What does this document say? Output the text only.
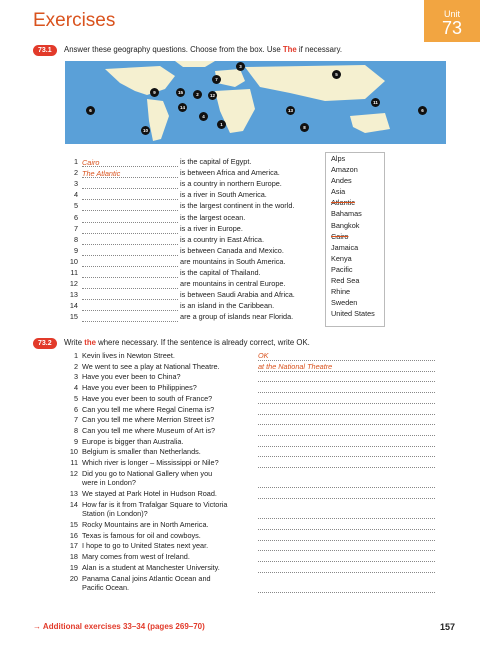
Exercises	Unit
73
73.1	Answer these geography questions. Choose from the box. Use The if necessary.
1
2
3
4
5
6	6
7
8
9
10
11
12
13
14
15
1 Cairo	is the capital of Egypt.
2 The Atlantic	is between Africa and America.
3	is a country in northern Europe.
4	is a river in South America.
5	is the largest continent in the world.
6	is the largest ocean.
7	is a river in Europe.
8	is a country in East Africa.
9	is between Canada and Mexico.
10	are mountains in South America.
11	is the capital of Thailand.
12	are mountains in central Europe.
13	is between Saudi Arabia and Africa.
14	is an island in the Caribbean.
15	are a group of islands near Florida.
Alps
Amazon
Andes
Asia
Atlantic
Bahamas
Bangkok
Cairo
Jamaica
Kenya
Pacific
Red Sea
Rhine
Sweden
United States
73.2	Write the where necessary. If the sentence is already correct, write OK.
1 Kevin lives in Newton Street.	OK
2 We went to see a play at National Theatre.	at the National Theatre
3 Have you ever been to China?
4 Have you ever been to Philippines?
5 Have you ever been to south of France?
6 Can you tell me where Regal Cinema is?
7 Can you tell me where Merrion Street is?
8 Can you tell me where Museum of Art is?
9 Europe is bigger than Australia.
10 Belgium is smaller than Netherlands.
11 Which river is longer – Mississippi or Nile?
12 Did you go to National Gallery when you
were in London?
13 We stayed at Park Hotel in Hudson Road.
14 How far is it from Trafalgar Square to Victoria
Station (in London)?
15 Rocky Mountains are in North America.
16 Texas is famous for oil and cowboys.
17 I hope to go to United States next year.
18 Mary comes from west of Ireland.
19 Alan is a student at Manchester University.
20 Panama Canal joins Atlantic Ocean and
Pacific Ocean.
→ Additional exercises 33–34 (pages 269–70)	157
